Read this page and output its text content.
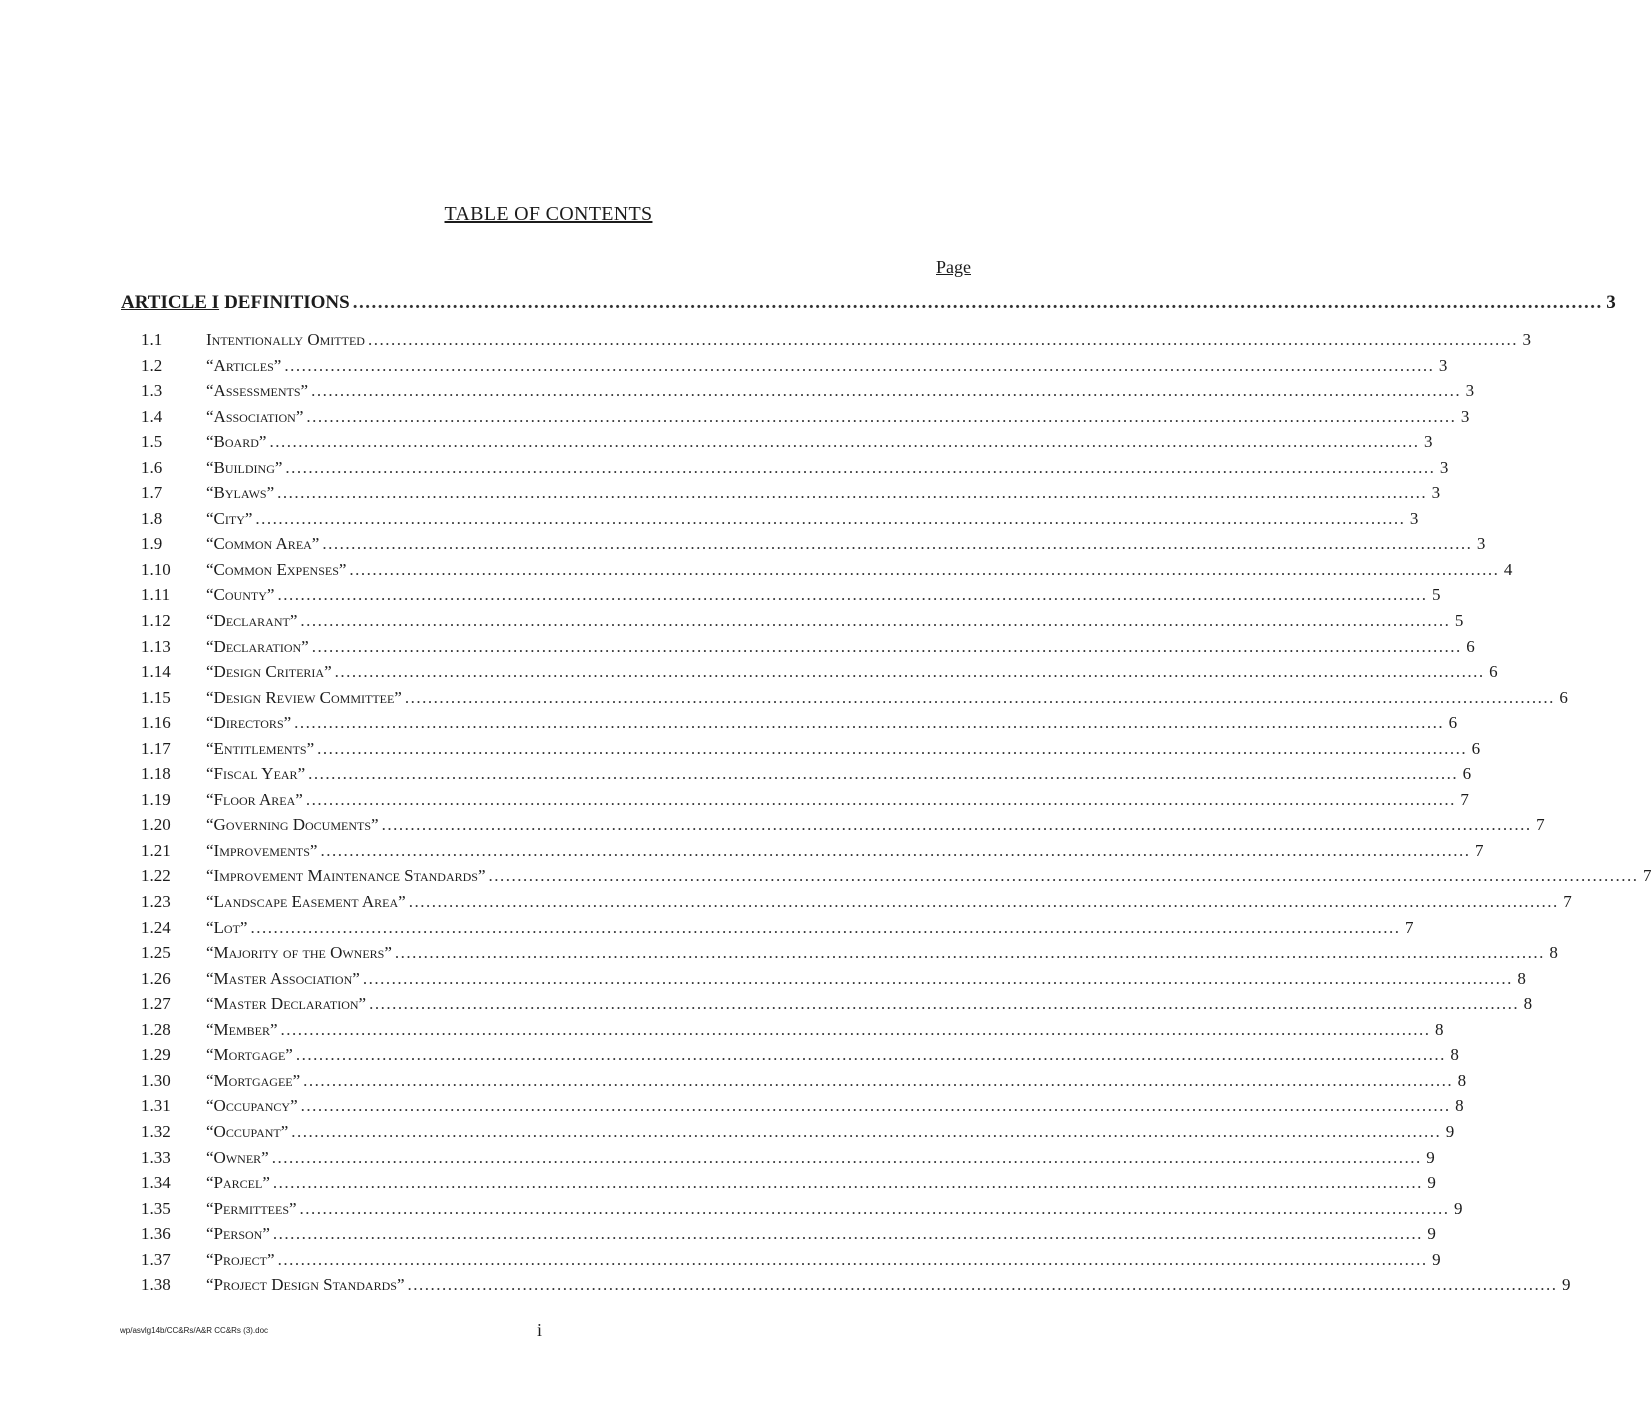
TABLE OF CONTENTS
Page
ARTICLE I DEFINITIONS ........................................................................................................................................................................................................ 3
1.1	Intentionally Omitted ........................................................................................................................................................................................................ 3
1.2	“Articles” ........................................................................................................................................................................................................ 3
1.3	“Assessments” ........................................................................................................................................................................................................ 3
1.4	“Association” ........................................................................................................................................................................................................ 3
1.5	“Board” ........................................................................................................................................................................................................ 3
1.6	“Building” ........................................................................................................................................................................................................ 3
1.7	“Bylaws” ........................................................................................................................................................................................................ 3
1.8	“City” ........................................................................................................................................................................................................ 3
1.9	“Common Area” ........................................................................................................................................................................................................ 3
1.10	“Common Expenses” ........................................................................................................................................................................................................ 4
1.11	“County” ........................................................................................................................................................................................................ 5
1.12	“Declarant” ........................................................................................................................................................................................................ 5
1.13	“Declaration” ........................................................................................................................................................................................................ 6
1.14	“Design Criteria” ........................................................................................................................................................................................................ 6
1.15	“Design Review Committee” ........................................................................................................................................................................................................ 6
1.16	“Directors” ........................................................................................................................................................................................................ 6
1.17	“Entitlements” ........................................................................................................................................................................................................ 6
1.18	“Fiscal Year” ........................................................................................................................................................................................................ 6
1.19	“Floor Area” ........................................................................................................................................................................................................ 7
1.20	“Governing Documents” ........................................................................................................................................................................................................ 7
1.21	“Improvements” ........................................................................................................................................................................................................ 7
1.22	“Improvement Maintenance Standards” ........................................................................................................................................................................................................ 7
1.23	“Landscape Easement Area” ........................................................................................................................................................................................................ 7
1.24	“Lot” ........................................................................................................................................................................................................ 7
1.25	“Majority of the Owners” ........................................................................................................................................................................................................ 8
1.26	“Master Association” ........................................................................................................................................................................................................ 8
1.27	“Master Declaration” ........................................................................................................................................................................................................ 8
1.28	“Member” ........................................................................................................................................................................................................ 8
1.29	“Mortgage” ........................................................................................................................................................................................................ 8
1.30	“Mortgagee” ........................................................................................................................................................................................................ 8
1.31	“Occupancy” ........................................................................................................................................................................................................ 8
1.32	“Occupant” ........................................................................................................................................................................................................ 9
1.33	“Owner” ........................................................................................................................................................................................................ 9
1.34	“Parcel” ........................................................................................................................................................................................................ 9
1.35	“Permittees” ........................................................................................................................................................................................................ 9
1.36	“Person” ........................................................................................................................................................................................................ 9
1.37	“Project” ........................................................................................................................................................................................................ 9
1.38	“Project Design Standards” ........................................................................................................................................................................................................ 9
wp/asvlg14b/CC&Rs/A&R CC&Rs (3).doc	i
